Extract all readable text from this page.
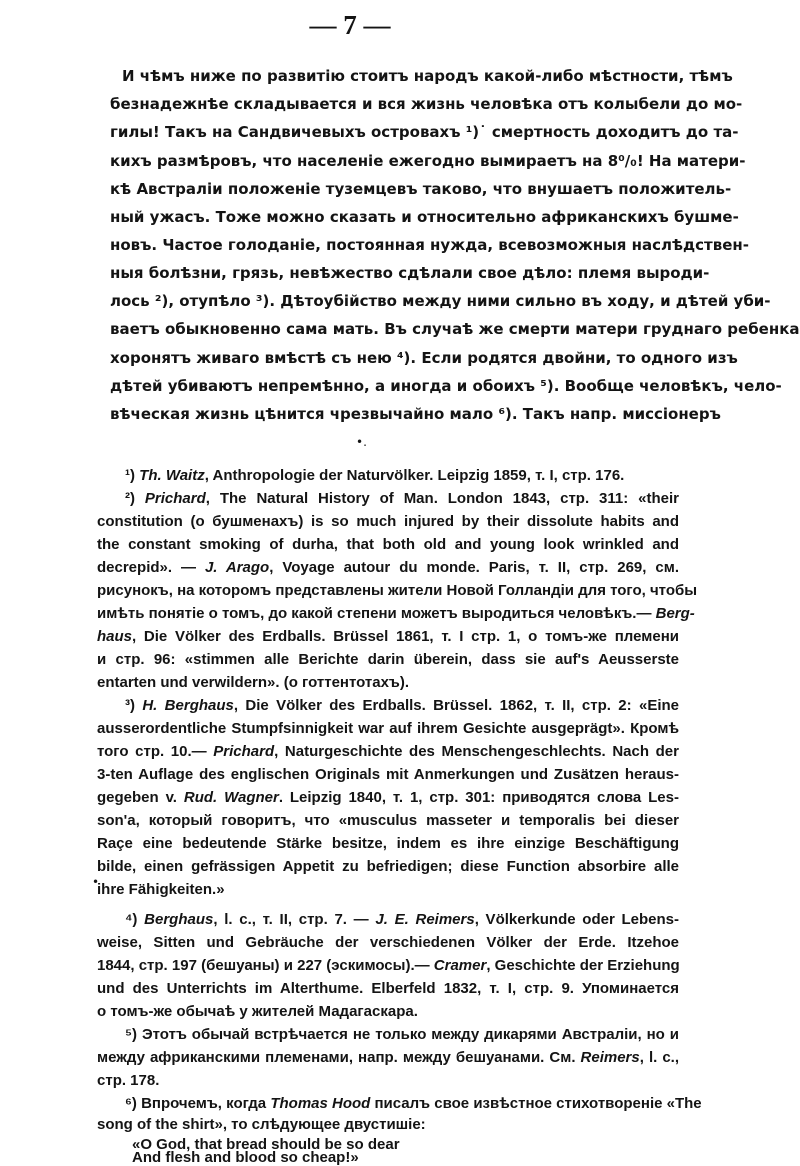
— 7 —
И чѣмъ ниже по развитію стоитъ народъ какой-либо мѣстности, тѣмъ
безнадежнѣе складывается и вся жизнь человѣка отъ колыбели до мо-
гилы! Такъ на Сандвичевыхъ островахъ ¹)˙ смертность доходитъ до та-
кихъ размѣровъ, что населеніе ежегодно вымираетъ на 8⁰/₀! На матери-
кѣ Австраліи положеніе туземцевъ таково, что внушаетъ положитель-
ный ужасъ. Тоже можно сказать и относительно африканскихъ бушме-
новъ. Частое голоданіе, постоянная нужда, всевозможныя наслѣдствен-
ныя болѣзни, грязь, невѣжество сдѣлали свое дѣло: племя выроди-
лось ²), отупѣло ³). Дѣтоубійство между ними сильно въ ходу, и дѣтей уби-
ваетъ обыкновенно сама мать. Въ случаѣ же смерти матери груднаго ребенка
хоронятъ живаго вмѣстѣ съ нею ⁴). Если родятся двойни, то одного изъ
дѣтей убиваютъ непремѣнно, а иногда и обоихъ ⁵). Вообще человѣкъ, чело-
вѣческая жизнь цѣнится чрезвычайно мало ⁶). Такъ напр. миссіонеръ
•.
¹) Th. Waitz, Anthropologie der Naturvölker. Leipzig 1859, т. I, стр. 176.
²) Prichard, The Natural History of Man. London 1843, стр. 311: «their
constitution (о бушменахъ) is so much injured by their dissolute habits and
the constant smoking of durha, that both old and young look wrinkled and
decrepid». — J. Arago, Voyage autour du monde. Paris, т. II, стр. 269, см.
рисунокъ, на которомъ представлены жители Новой Голландіи для того, чтобы
имѣть понятіе о томъ, до какой степени можетъ выродиться человѣкъ.— Berg-
haus, Die Völker des Erdballs. Brüssel 1861, т. I стр. 1, о томъ-же племени
и стр. 96: «stimmen alle Berichte darin überein, dass sie auf's Aeusserste
entarten und verwildern». (о готтентотахъ).
³) H. Berghaus, Die Völker des Erdballs. Brüssel. 1862, т. II, стр. 2: «Eine
ausserordentliche Stumpfsinnigkeit war auf ihrem Gesichte ausgeprägt». Кромѣ
того стр. 10.— Prichard, Naturgeschichte des Menschengeschlechts. Nach der
3-ten Auflage des englischen Originals mit Anmerkungen und Zusätzen heraus-
gegeben v. Rud. Wagner. Leipzig 1840, т. 1, стр. 301: приводятся слова Les-
son'a, который говоритъ, что «musculus masseter и temporalis bei dieser
Raçe eine bedeutende Stärke besitze, indem es ihre einzige Beschäftigung
bilde, einen gefrässigen Appetit zu befriedigen; diese Function absorbire alle
ihre Fähigkeiten.»
•
⁴) Berghaus, l. c., т. II, стр. 7. — J. E. Reimers, Völkerkunde oder Lebens-
weise, Sitten und Gebräuche der verschiedenen Völker der Erde. Itzehoe
1844, стр. 197 (бешуаны) и 227 (эскимосы).— Cramer, Geschichte der Erziehung
und des Unterrichts im Alterthume. Elberfeld 1832, т. I, стр. 9. Упоминается
о томъ-же обычаѣ у жителей Мадагаскара.
⁵) Этотъ обычай встрѣчается не только между дикарями Австраліи, но и
между африканскими племенами, напр. между бешуанами. См. Reimers, l. c.,
стр. 178.
⁶) Впрочемъ, когда Thomas Hood писалъ свое извѣстное стихотвореніе «The
song of the shirt», то слѣдующее двустишіе:
«O God, that bread should be so dear
And flesh and blood so cheap!»
